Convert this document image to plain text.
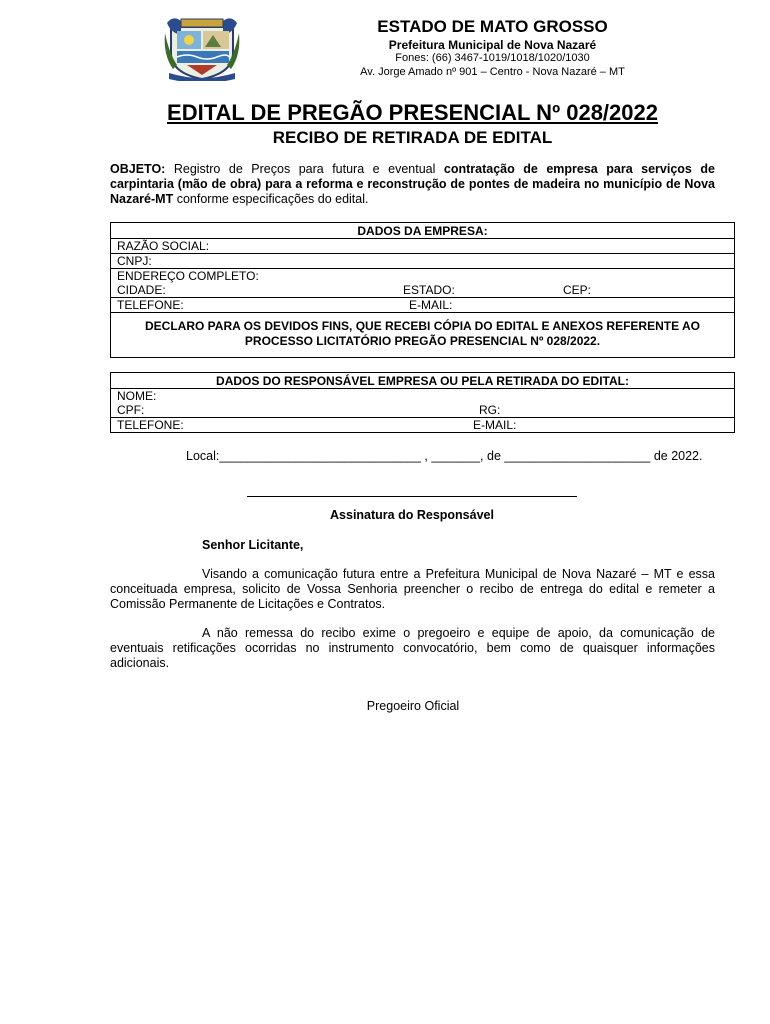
ESTADO DE MATO GROSSO
Prefeitura Municipal de Nova Nazaré
Fones: (66) 3467-1019/1018/1020/1030
Av. Jorge Amado nº 901 – Centro - Nova Nazaré – MT
EDITAL DE PREGÃO PRESENCIAL Nº 028/2022
RECIBO DE RETIRADA DE EDITAL
OBJETO: Registro de Preços para futura e eventual contratação de empresa para serviços de carpintaria (mão de obra) para a reforma e reconstrução de pontes de madeira no município de Nova Nazaré-MT conforme especificações do edital.
DADOS DA EMPRESA:
RAZÃO SOCIAL:
CNPJ:
ENDEREÇO COMPLETO:

CIDADE:	ESTADO:	CEP:

TELEFONE:	E-MAIL:

DECLARO PARA OS DEVIDOS FINS, QUE RECEBI CÓPIA DO EDITAL E ANEXOS REFERENTE AO PROCESSO LICITATÓRIO PREGÃO PRESENCIAL Nº 028/2022.
DADOS DO RESPONSÁVEL EMPRESA OU PELA RETIRADA DO EDITAL:
NOME:

CPF:	RG:

TELEFONE:	E-MAIL:
Local:_____________________________ , _______, de _____________________ de 2022.
Assinatura do Responsável
Senhor Licitante,
Visando a comunicação futura entre a Prefeitura Municipal de Nova Nazaré – MT e essa conceituada empresa, solicito de Vossa Senhoria preencher o recibo de entrega do edital e remeter a Comissão Permanente de Licitações e Contratos.
A não remessa do recibo exime o pregoeiro e equipe de apoio, da comunicação de eventuais retificações ocorridas no instrumento convocatório, bem como de quaisquer informações adicionais.
Pregoeiro Oficial
